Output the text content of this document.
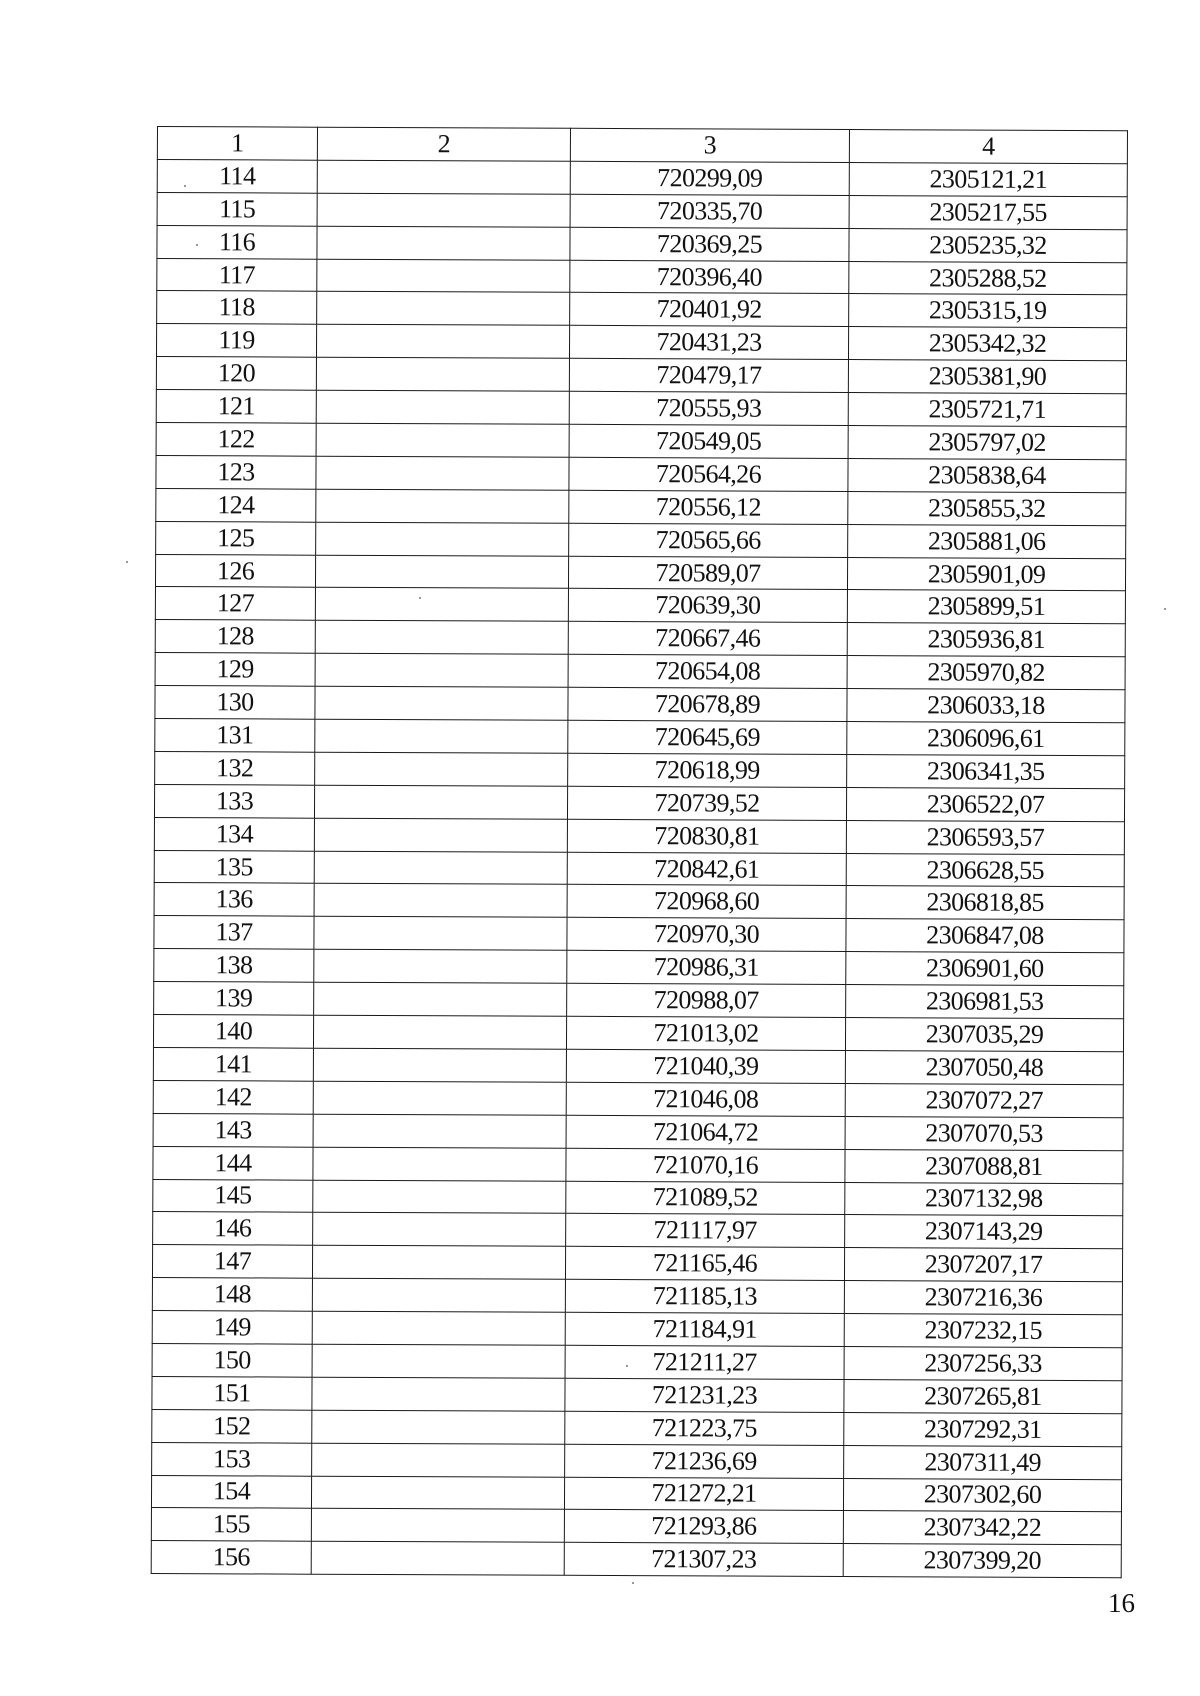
1	2	3	4
114		720299,09	2305121,21
115		720335,70	2305217,55
116		720369,25	2305235,32
117		720396,40	2305288,52
118		720401,92	2305315,19
119		720431,23	2305342,32
120		720479,17	2305381,90
121		720555,93	2305721,71
122		720549,05	2305797,02
123		720564,26	2305838,64
124		720556,12	2305855,32
125		720565,66	2305881,06
126		720589,07	2305901,09
127		720639,30	2305899,51
128		720667,46	2305936,81
129		720654,08	2305970,82
130		720678,89	2306033,18
131		720645,69	2306096,61
132		720618,99	2306341,35
133		720739,52	2306522,07
134		720830,81	2306593,57
135		720842,61	2306628,55
136		720968,60	2306818,85
137		720970,30	2306847,08
138		720986,31	2306901,60
139		720988,07	2306981,53
140		721013,02	2307035,29
141		721040,39	2307050,48
142		721046,08	2307072,27
143		721064,72	2307070,53
144		721070,16	2307088,81
145		721089,52	2307132,98
146		721117,97	2307143,29
147		721165,46	2307207,17
148		721185,13	2307216,36
149		721184,91	2307232,15
150		721211,27	2307256,33
151		721231,23	2307265,81
152		721223,75	2307292,31
153		721236,69	2307311,49
154		721272,21	2307302,60
155		721293,86	2307342,22
156		721307,23	2307399,20
16
